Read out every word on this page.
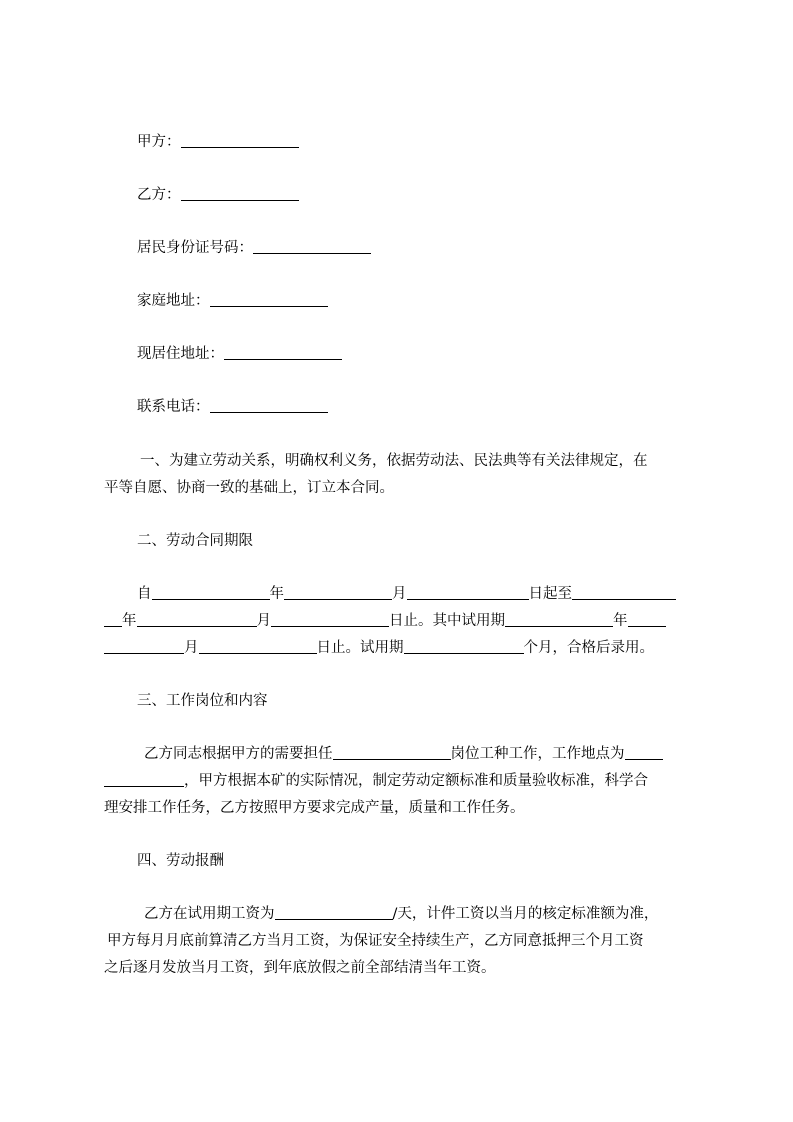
甲方：
乙方：
居民身份证号码：
家庭地址：
现居住地址：
联系电话：
一、为建立劳动关系，明确权利义务，依据劳动法、民法典等有关法律规定，在
平等自愿、协商一致的基础上，订立本合同。
二、劳动合同期限
自	年	月	日起至
年	月	日止。其中试用期	年
月	日止。试用期	个月，合格后录用。
三、工作岗位和内容
乙方同志根据甲方的需要担任	岗位工种工作，工作地点为
，甲方根据本矿的实际情况，制定劳动定额标准和质量验收标准，科学合
理安排工作任务，乙方按照甲方要求完成产量，质量和工作任务。
四、劳动报酬
乙方在试用期工资为	/天，计件工资以当月的核定标准额为准，
甲方每月月底前算清乙方当月工资，为保证安全持续生产，乙方同意抵押三个月工资
之后逐月发放当月工资，到年底放假之前全部结清当年工资。
